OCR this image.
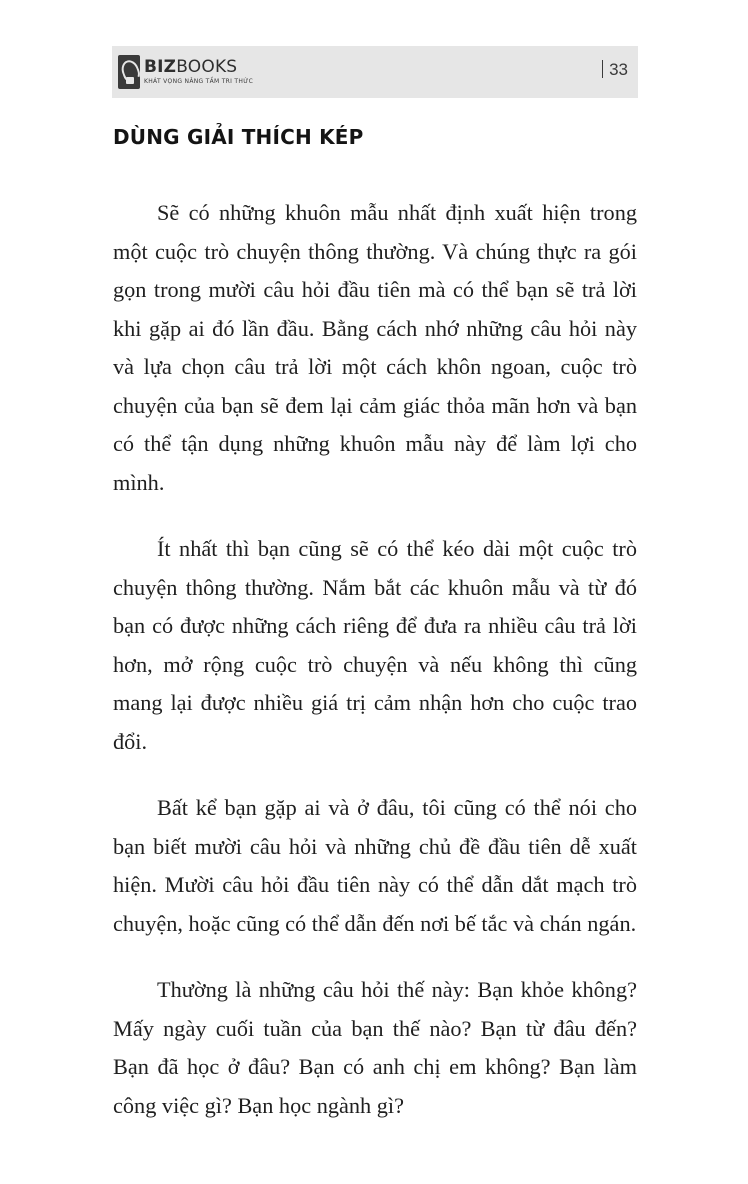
BIZBOOKS
KHÁT VỌNG NÂNG TẦM TRI THỨC
33
DÙNG GIẢI THÍCH KÉP

Sẽ có những khuôn mẫu nhất định xuất hiện trong một cuộc trò chuyện thông thường. Và chúng thực ra gói gọn trong mười câu hỏi đầu tiên mà có thể bạn sẽ trả lời khi gặp ai đó lần đầu. Bằng cách nhớ những câu hỏi này và lựa chọn câu trả lời một cách khôn ngoan, cuộc trò chuyện của bạn sẽ đem lại cảm giác thỏa mãn hơn và bạn có thể tận dụng những khuôn mẫu này để làm lợi cho mình.

Ít nhất thì bạn cũng sẽ có thể kéo dài một cuộc trò chuyện thông thường. Nắm bắt các khuôn mẫu và từ đó bạn có được những cách riêng để đưa ra nhiều câu trả lời hơn, mở rộng cuộc trò chuyện và nếu không thì cũng mang lại được nhiều giá trị cảm nhận hơn cho cuộc trao đổi.

Bất kể bạn gặp ai và ở đâu, tôi cũng có thể nói cho bạn biết mười câu hỏi và những chủ đề đầu tiên dễ xuất hiện. Mười câu hỏi đầu tiên này có thể dẫn dắt mạch trò chuyện, hoặc cũng có thể dẫn đến nơi bế tắc và chán ngán.

Thường là những câu hỏi thế này: Bạn khỏe không? Mấy ngày cuối tuần của bạn thế nào? Bạn từ đâu đến? Bạn đã học ở đâu? Bạn có anh chị em không? Bạn làm công việc gì? Bạn học ngành gì?
